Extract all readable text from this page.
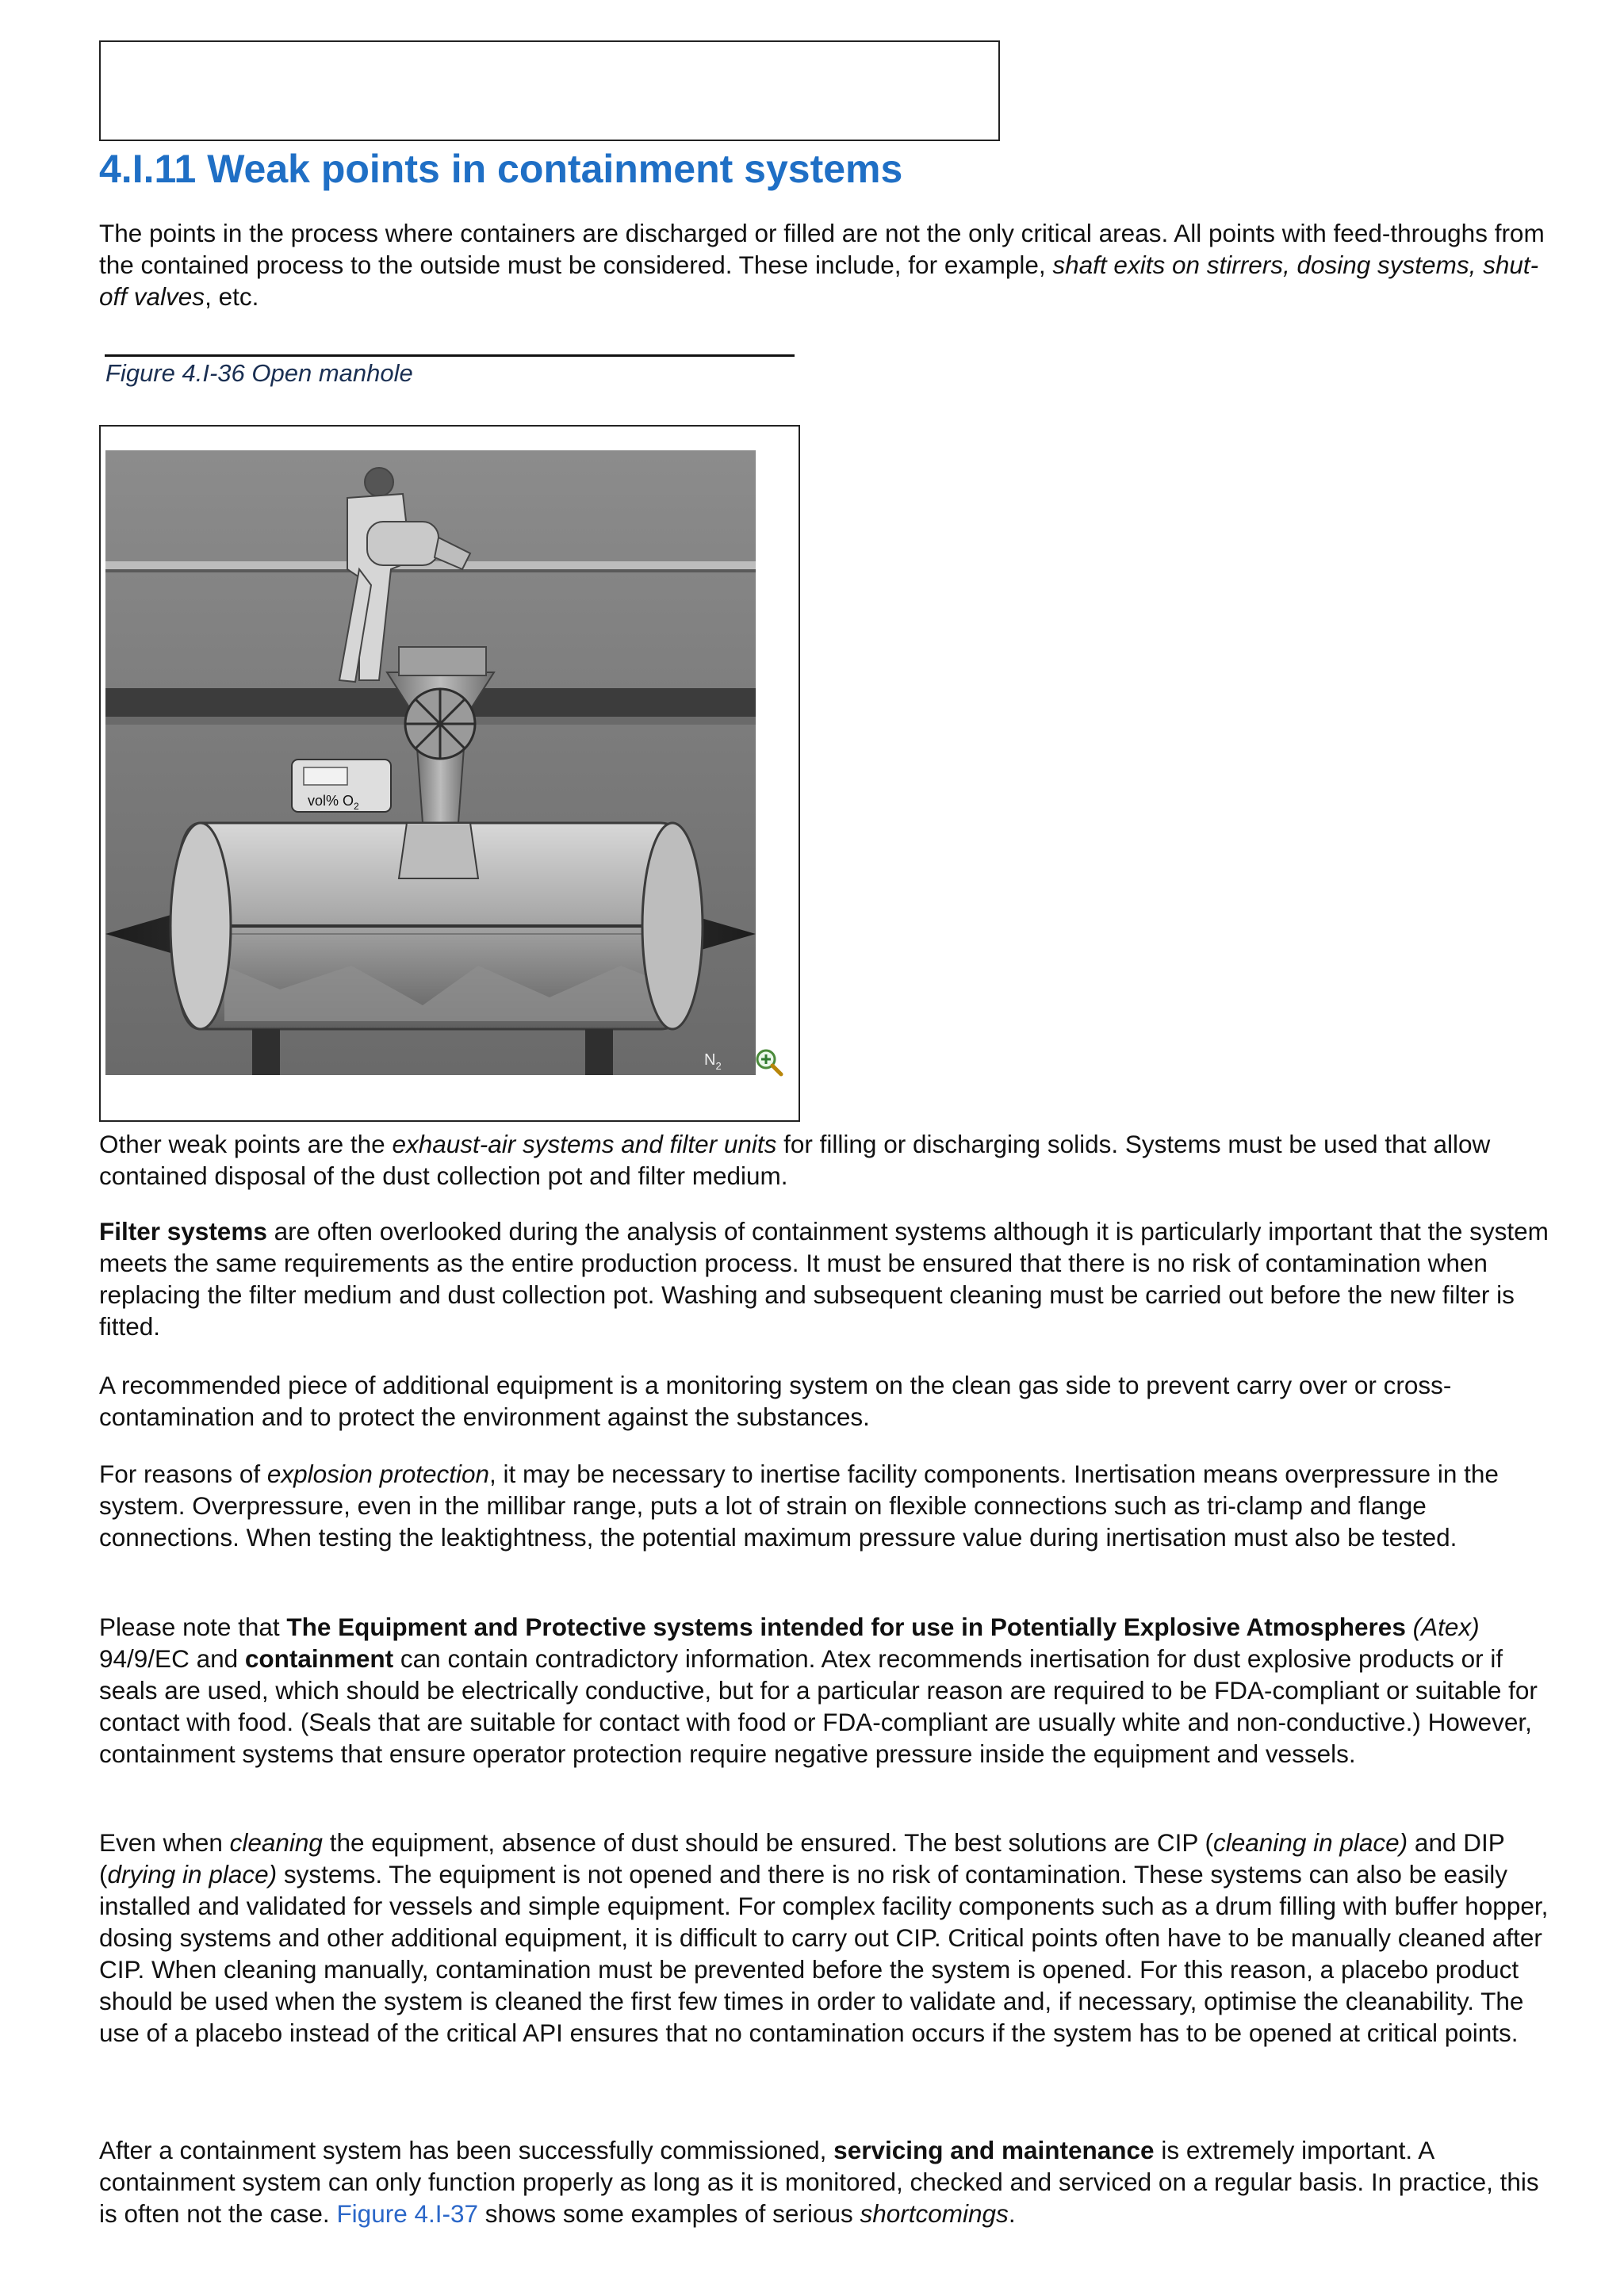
4.I.11 Weak points in containment systems

The points in the process where containers are discharged or filled are not the only critical areas. All points with feed-throughs from the contained process to the outside must be considered. These include, for example, shaft exits on stirrers, dosing systems, shut-off valves, etc.

Figure 4.I-36 Open manhole

vol% $O_2$
$N_2$

Other weak points are the exhaust-air systems and filter units for filling or discharging solids. Systems must be used that allow contained disposal of the dust collection pot and filter medium.

Filter systems are often overlooked during the analysis of containment systems although it is particularly important that the system meets the same requirements as the entire production process. It must be ensured that there is no risk of contamination when replacing the filter medium and dust collection pot. Washing and subsequent cleaning must be carried out before the new filter is fitted.

A recommended piece of additional equipment is a monitoring system on the clean gas side to prevent carry over or cross-contamination and to protect the environment against the substances.

For reasons of explosion protection, it may be necessary to inertise facility components. Inertisation means overpressure in the system. Overpressure, even in the millibar range, puts a lot of strain on flexible connections such as tri-clamp and flange connections. When testing the leaktightness, the potential maximum pressure value during inertisation must also be tested.

Please note that The Equipment and Protective systems intended for use in Potentially Explosive Atmospheres (Atex) 94/9/EC and containment can contain contradictory information. Atex recommends inertisation for dust explosive products or if seals are used, which should be electrically conductive, but for a particular reason are required to be FDA-compliant or suitable for contact with food. (Seals that are suitable for contact with food or FDA-compliant are usually white and non-conductive.) However, containment systems that ensure operator protection require negative pressure inside the equipment and vessels.

Even when cleaning the equipment, absence of dust should be ensured. The best solutions are CIP (cleaning in place) and DIP (drying in place) systems. The equipment is not opened and there is no risk of contamination. These systems can also be easily installed and validated for vessels and simple equipment. For complex facility components such as a drum filling with buffer hopper, dosing systems and other additional equipment, it is difficult to carry out CIP. Critical points often have to be manually cleaned after CIP. When cleaning manually, contamination must be prevented before the system is opened. For this reason, a placebo product should be used when the system is cleaned the first few times in order to validate and, if necessary, optimise the cleanability. The use of a placebo instead of the critical API ensures that no contamination occurs if the system has to be opened at critical points.

After a containment system has been successfully commissioned, servicing and maintenance is extremely important. A containment system can only function properly as long as it is monitored, checked and serviced on a regular basis. In practice, this is often not the case. Figure 4.I-37 shows some examples of serious shortcomings.
